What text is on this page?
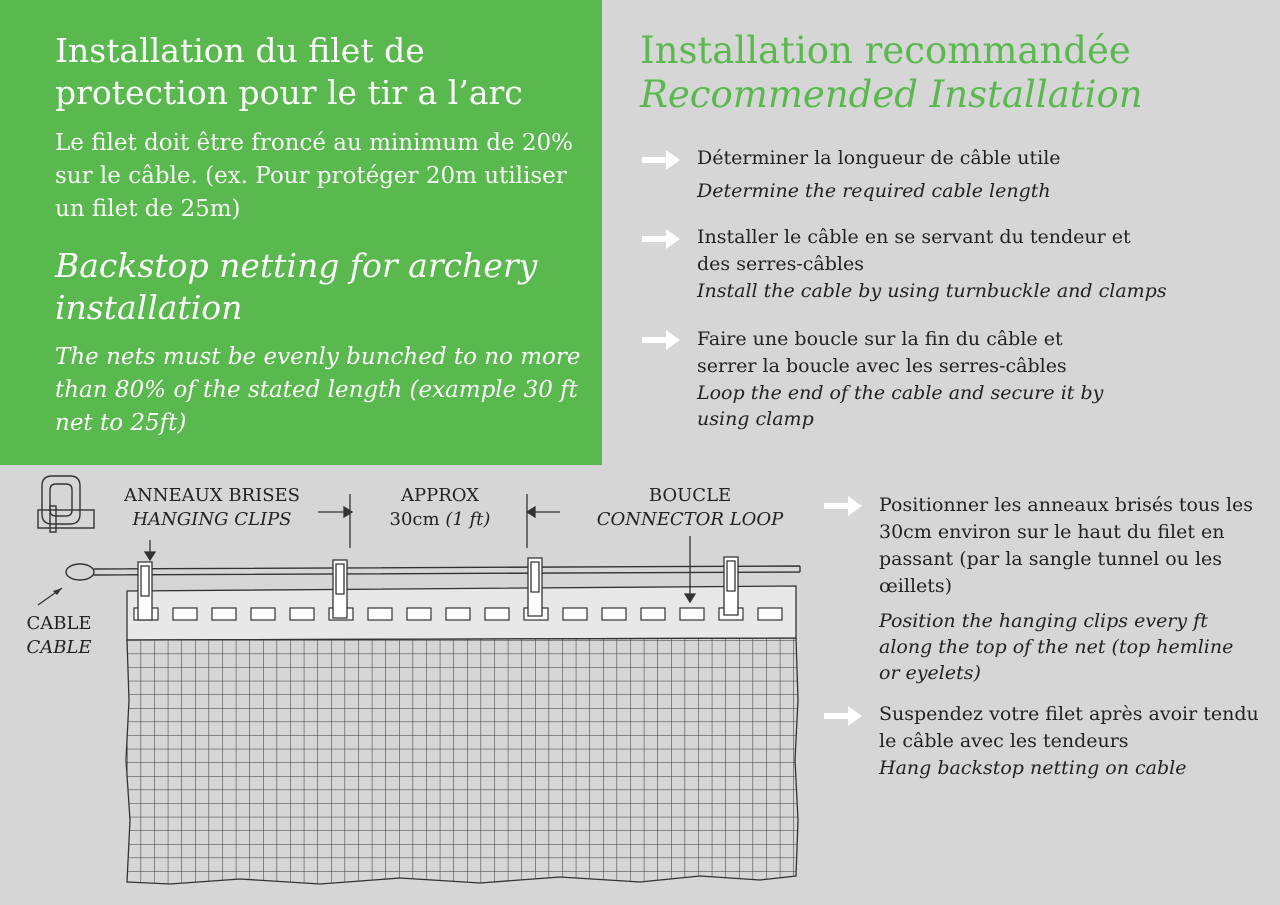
Installation du filet de protection pour le tir a l’arc
Le filet doit être froncé au minimum de 20% sur le câble. (ex. Pour protéger 20m utiliser un filet de 25m)
Backstop netting for archery installation
The nets must be evenly bunched to no more than 80% of the stated length (example 30 ft net to 25ft)
Installation recommandée
Recommended Installation
Déterminer la longueur de câble utile
Determine the required cable length
Installer le câble en se servant du tendeur et des serres-câbles
Install the cable by using turnbuckle and clamps
Faire une boucle sur la fin du câble et serrer la boucle avec les serres-câbles
Loop the end of the cable and secure it by using clamp
Positionner les anneaux brisés tous les 30cm environ sur le haut du filet en passant (par la sangle tunnel ou les œillets)
Position the hanging clips every ft along the top of the net (top hemline or eyelets)
Suspendez votre filet après avoir tendu le câble avec les tendeurs
Hang backstop netting on cable
ANNEAUX BRISES
HANGING CLIPS
APPROX
30cm (1 ft)
BOUCLE
CONNECTOR LOOP
CABLE
CABLE
